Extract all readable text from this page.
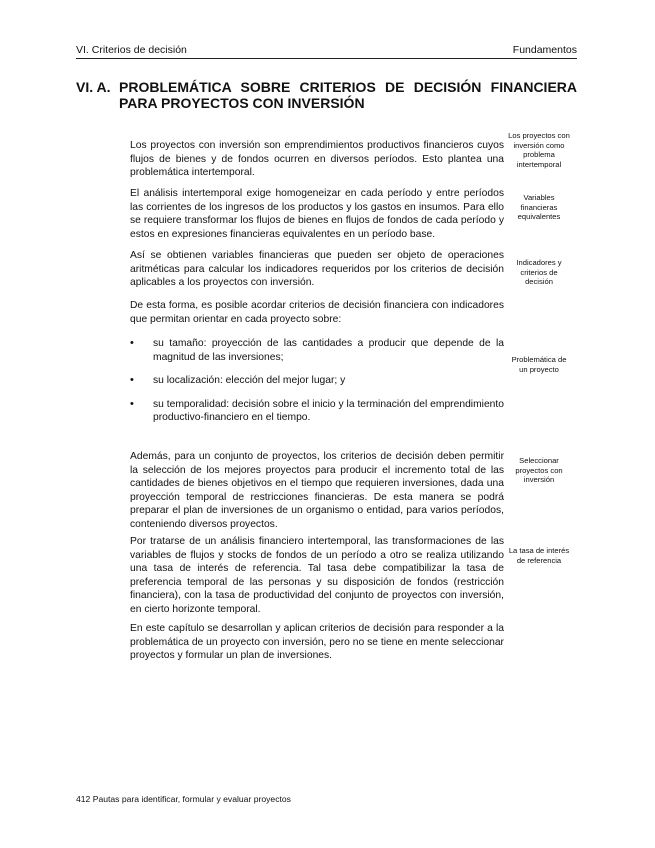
VI. Criterios de decisión	Fundamentos
VI. A. PROBLEMÁTICA SOBRE CRITERIOS DE DECISIÓN FINANCIERA PARA PROYECTOS CON INVERSIÓN

Los proyectos con inversión son emprendimientos productivos financieros cuyos flujos de bienes y de fondos ocurren en diversos períodos. Esto plantea una problemática intertemporal.

El análisis intertemporal exige homogeneizar en cada período y entre períodos las corrientes de los ingresos de los productos y los gastos en insumos. Para ello se requiere transformar los flujos de bienes en flujos de fondos de cada período y estos en expresiones financieras equivalentes en un período base.

Así se obtienen variables financieras que pueden ser objeto de operaciones aritméticas para calcular los indicadores requeridos por los criterios de decisión aplicables a los proyectos con inversión.

De esta forma, es posible acordar criterios de decisión financiera con indicadores que permitan orientar en cada proyecto sobre:

• su tamaño: proyección de las cantidades a producir que depende de la magnitud de las inversiones;
• su localización: elección del mejor lugar; y
• su temporalidad: decisión sobre el inicio y la terminación del emprendimiento productivo-financiero en el tiempo.

Además, para un conjunto de proyectos, los criterios de decisión deben permitir la selección de los mejores proyectos para producir el incremento total de las cantidades de bienes objetivos en el tiempo que requieren inversiones, dada una proyección temporal de restricciones financieras. De esta manera se podrá preparar el plan de inversiones de un organismo o entidad, para varios períodos, conteniendo diversos proyectos.

Por tratarse de un análisis financiero intertemporal, las transformaciones de las variables de flujos y stocks de fondos de un período a otro se realiza utilizando una tasa de interés de referencia. Tal tasa debe compatibilizar la tasa de preferencia temporal de las personas y su disposición de fondos (restricción financiera), con la tasa de productividad del conjunto de proyectos con inversión, en cierto horizonte temporal.

En este capítulo se desarrollan y aplican criterios de decisión para responder a la problemática de un proyecto con inversión, pero no se tiene en mente seleccionar proyectos y formular un plan de inversiones.

Los proyectos con inversión como problema intertemporal
Variables financieras equivalentes
Indicadores y criterios de decisión
Problemática de un proyecto
Seleccionar proyectos con inversión
La tasa de interés de referencia
412 Pautas para identificar, formular y evaluar proyectos
